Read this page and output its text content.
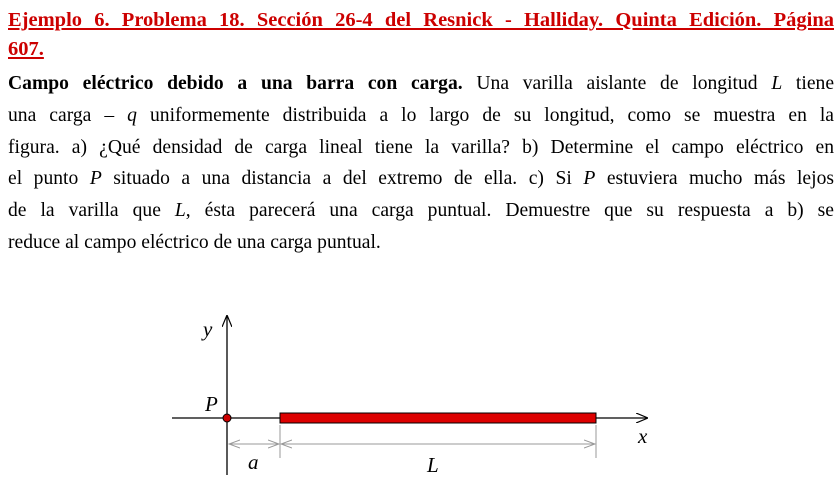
Ejemplo 6. Problema 18. Sección 26-4 del Resnick - Halliday. Quinta Edición. Página
607.
Campo eléctrico debido a una barra con carga. Una varilla aislante de longitud L tiene
una carga – q uniformemente distribuida a lo largo de su longitud, como se muestra en la
figura. a) ¿Qué densidad de carga lineal tiene la varilla? b) Determine el campo eléctrico en
el punto P situado a una distancia a del extremo de ella. c) Si P estuviera mucho más lejos
de la varilla que L, ésta parecerá una carga puntual. Demuestre que su respuesta a b) se
reduce al campo eléctrico de una carga puntual.
y
x
P
a	L
